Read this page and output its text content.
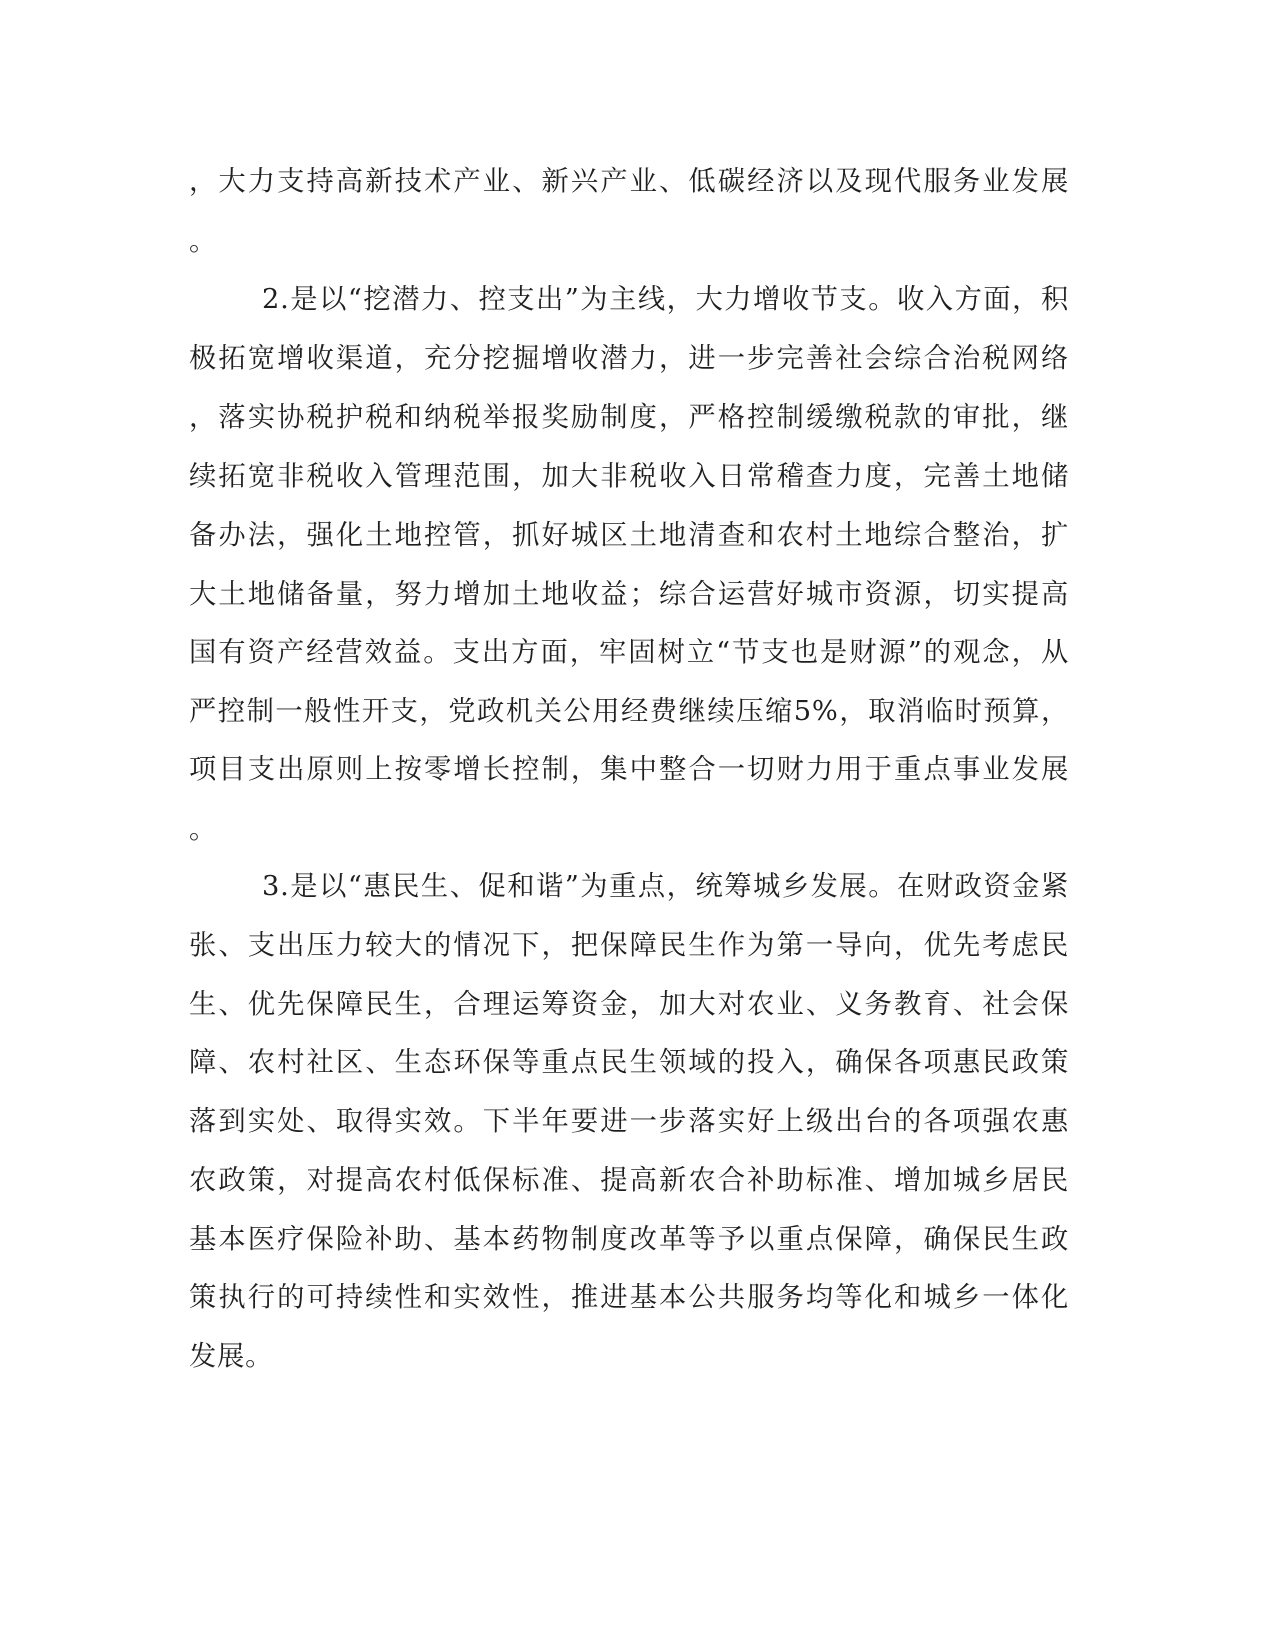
，大力支持高新技术产业、新兴产业、低碳经济以及现代服务业发展
。
2.是以“挖潜力、控支出”为主线，大力增收节支。收入方面，积
极拓宽增收渠道，充分挖掘增收潜力，进一步完善社会综合治税网络
，落实协税护税和纳税举报奖励制度，严格控制缓缴税款的审批，继
续拓宽非税收入管理范围，加大非税收入日常稽查力度，完善土地储
备办法，强化土地控管，抓好城区土地清查和农村土地综合整治，扩
大土地储备量，努力增加土地收益；综合运营好城市资源，切实提高
国有资产经营效益。支出方面，牢固树立“节支也是财源”的观念，从
严控制一般性开支，党政机关公用经费继续压缩5%，取消临时预算，
项目支出原则上按零增长控制，集中整合一切财力用于重点事业发展
。
3.是以“惠民生、促和谐”为重点，统筹城乡发展。在财政资金紧
张、支出压力较大的情况下，把保障民生作为第一导向，优先考虑民
生、优先保障民生，合理运筹资金，加大对农业、义务教育、社会保
障、农村社区、生态环保等重点民生领域的投入，确保各项惠民政策
落到实处、取得实效。下半年要进一步落实好上级出台的各项强农惠
农政策，对提高农村低保标准、提高新农合补助标准、增加城乡居民
基本医疗保险补助、基本药物制度改革等予以重点保障，确保民生政
策执行的可持续性和实效性，推进基本公共服务均等化和城乡一体化
发展。
